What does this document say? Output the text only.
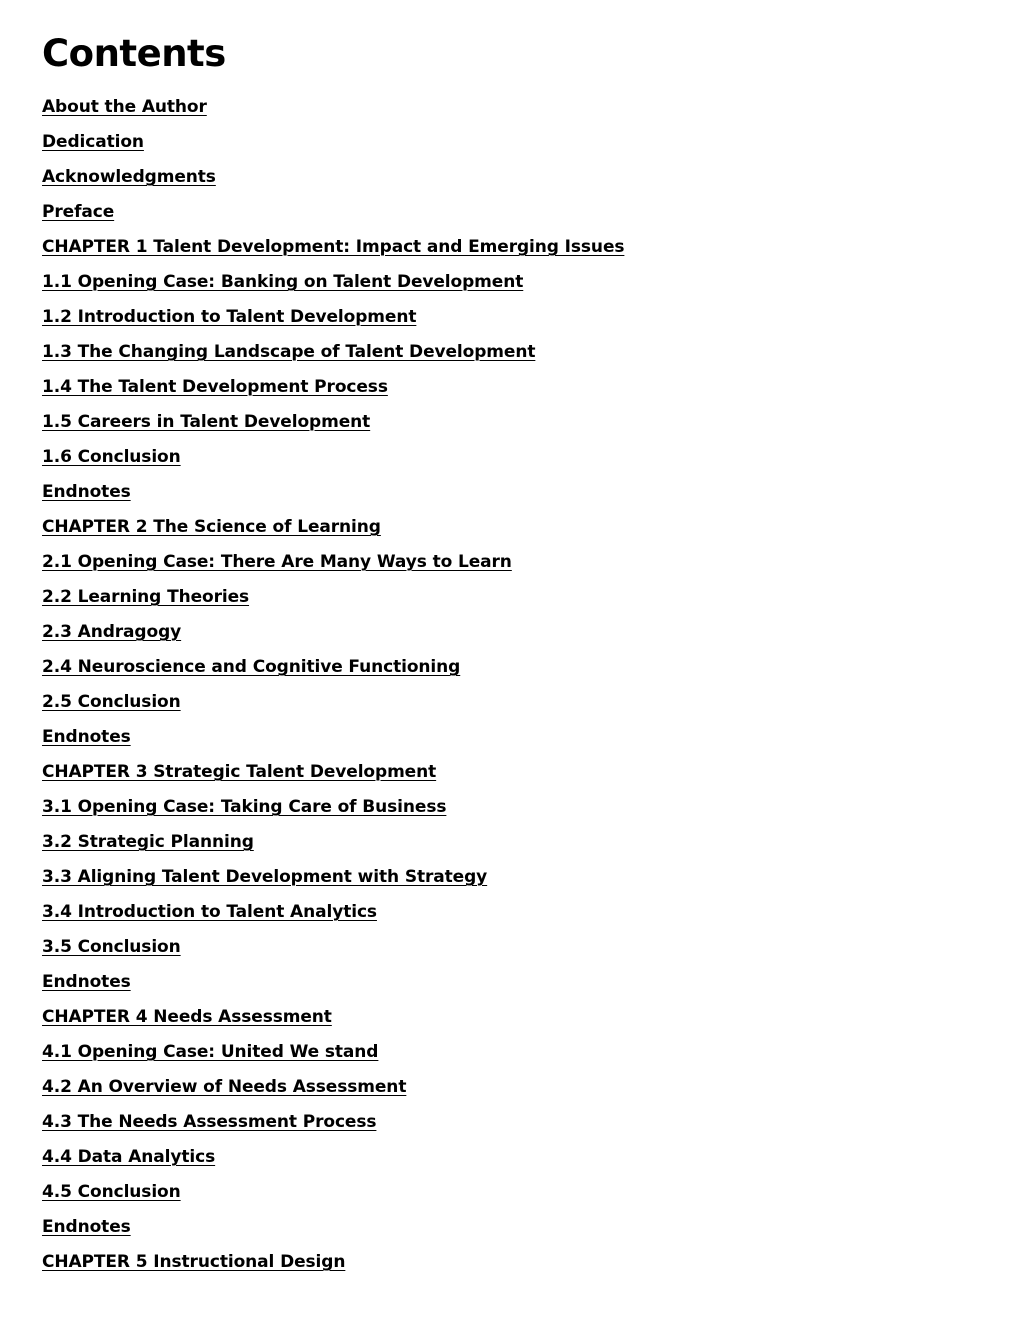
Contents
About the Author
Dedication
Acknowledgments
Preface
CHAPTER 1 Talent Development: Impact and Emerging Issues
1.1 Opening Case: Banking on Talent Development
1.2 Introduction to Talent Development
1.3 The Changing Landscape of Talent Development
1.4 The Talent Development Process
1.5 Careers in Talent Development
1.6 Conclusion
Endnotes
CHAPTER 2 The Science of Learning
2.1 Opening Case: There Are Many Ways to Learn
2.2 Learning Theories
2.3 Andragogy
2.4 Neuroscience and Cognitive Functioning
2.5 Conclusion
Endnotes
CHAPTER 3 Strategic Talent Development
3.1 Opening Case: Taking Care of Business
3.2 Strategic Planning
3.3 Aligning Talent Development with Strategy
3.4 Introduction to Talent Analytics
3.5 Conclusion
Endnotes
CHAPTER 4 Needs Assessment
4.1 Opening Case: United We stand
4.2 An Overview of Needs Assessment
4.3 The Needs Assessment Process
4.4 Data Analytics
4.5 Conclusion
Endnotes
CHAPTER 5 Instructional Design
